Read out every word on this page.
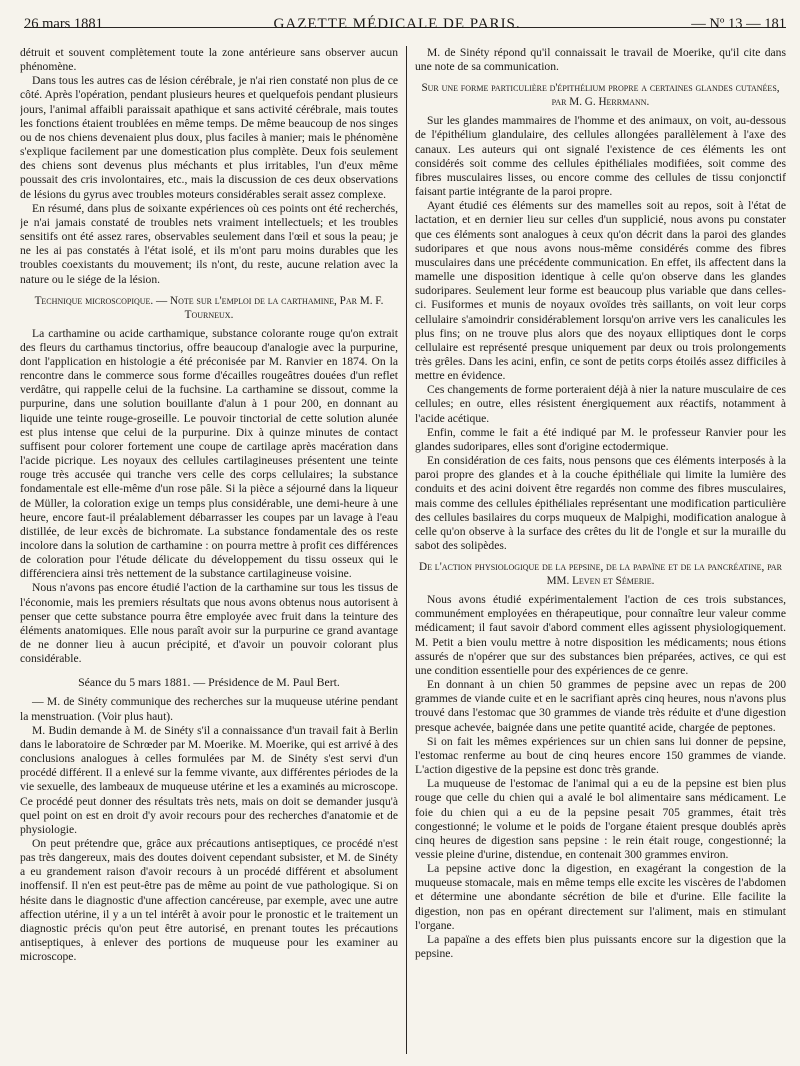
26 mars 1881	GAZETTE MÉDICALE DE PARIS.	— Nº 13 — 181

détruit et souvent complètement toute la zone antérieure sans observer aucun phénomène.

Dans tous les autres cas de lésion cérébrale, je n'ai rien constaté non plus de ce côté. Après l'opération, pendant plusieurs heures et quelquefois pendant plusieurs jours, l'animal affaibli paraissait apathique et sans activité cérébrale, mais toutes les fonctions étaient troublées en même temps. De même beaucoup de nos singes ou de nos chiens devenaient plus doux, plus faciles à manier; mais le phénomène s'explique facilement par une domestication plus complète. Deux fois seulement des chiens sont devenus plus méchants et plus irritables, l'un d'eux même poussait des cris involontaires, etc., mais la discussion de ces deux observations de lésions du gyrus avec troubles moteurs considérables serait assez complexe.

En résumé, dans plus de soixante expériences où ces points ont été recherchés, je n'ai jamais constaté de troubles nets vraiment intellectuels; et les troubles sensitifs ont été assez rares, observables seulement dans l'œil et sous la peau; je ne les ai pas constatés à l'état isolé, et ils m'ont paru moins durables que les troubles coexistants du mouvement; ils n'ont, du reste, aucune relation avec la nature ou le siége de la lésion.

Technique microscopique. — Note sur l'emploi de la carthamine, Par M. F. Tourneux.

La carthamine ou acide carthamique, substance colorante rouge qu'on extrait des fleurs du carthamus tinctorius, offre beaucoup d'analogie avec la purpurine, dont l'application en histologie a été préconisée par M. Ranvier en 1874. On la rencontre dans le commerce sous forme d'écailles rougeâtres douées d'un reflet verdâtre, qui rappelle celui de la fuchsine. La carthamine se dissout, comme la purpurine, dans une solution bouillante d'alun à 1 pour 200, en donnant au liquide une teinte rouge-groseille. Le pouvoir tinctorial de cette solution alunée est plus intense que celui de la purpurine. Dix à quinze minutes de contact suffisent pour colorer fortement une coupe de cartilage après macération dans l'acide picrique. Les noyaux des cellules cartilagineuses présentent une teinte rouge très accusée qui tranche vers celle des corps cellulaires; la substance fondamentale est elle-même d'un rose pâle. Si la pièce a séjourné dans la liqueur de Müller, la coloration exige un temps plus considérable, une demi-heure à une heure, encore faut-il préalablement débarrasser les coupes par un lavage à l'eau distillée, de leur excès de bichromate. La substance fondamentale des os reste incolore dans la solution de carthamine : on pourra mettre à profit ces différences de coloration pour l'étude délicate du développement du tissu osseux qui le différenciera ainsi très nettement de la substance cartilagineuse voisine.

Nous n'avons pas encore étudié l'action de la carthamine sur tous les tissus de l'économie, mais les premiers résultats que nous avons obtenus nous autorisent à penser que cette substance pourra être employée avec fruit dans la teinture des éléments anatomiques. Elle nous paraît avoir sur la purpurine ce grand avantage de ne donner lieu à aucun précipité, et d'avoir un pouvoir colorant plus considérable.

Séance du 5 mars 1881. — Présidence de M. Paul Bert.

— M. de Sinéty communique des recherches sur la muqueuse utérine pendant la menstruation. (Voir plus haut).

M. Budin demande à M. de Sinéty s'il a connaissance d'un travail fait à Berlin dans le laboratoire de Schrœder par M. Moerike. M. Moerike, qui est arrivé à des conclusions analogues à celles formulées par M. de Sinéty s'est servi d'un procédé différent. Il a enlevé sur la femme vivante, aux différentes périodes de la vie sexuelle, des lambeaux de muqueuse utérine et les a examinés au microscope. Ce procédé peut donner des résultats très nets, mais on doit se demander jusqu'à quel point on est en droit d'y avoir recours pour des recherches d'anatomie et de physiologie.

On peut prétendre que, grâce aux précautions antiseptiques, ce procédé n'est pas très dangereux, mais des doutes doivent cependant subsister, et M. de Sinéty a eu grandement raison d'avoir recours à un procédé différent et absolument inoffensif. Il n'en est peut-être pas de même au point de vue pathologique. Si on hésite dans le diagnostic d'une affection cancéreuse, par exemple, avec une autre affection utérine, il y a un tel intérêt à avoir pour le pronostic et le traitement un diagnostic précis qu'on peut être autorisé, en prenant toutes les précautions antiseptiques, à enlever des portions de muqueuse pour les examiner au microscope.

M. de Sinéty répond qu'il connaissait le travail de Moerike, qu'il cite dans une note de sa communication.

Sur une forme particulière d'épithélium propre a certaines glandes cutanées, par M. G. Herrmann.

Sur les glandes mammaires de l'homme et des animaux, on voit, au-dessous de l'épithélium glandulaire, des cellules allongées parallèlement à l'axe des canaux. Les auteurs qui ont signalé l'existence de ces éléments les ont considérés soit comme des cellules épithéliales modifiées, soit comme des fibres musculaires lisses, ou encore comme des cellules de tissu conjonctif faisant partie intégrante de la paroi propre.

Ayant étudié ces éléments sur des mamelles soit au repos, soit à l'état de lactation, et en dernier lieu sur celles d'un supplicié, nous avons pu constater que ces éléments sont analogues à ceux qu'on décrit dans la paroi des glandes sudoripares et que nous avons nous-même considérés comme des fibres musculaires dans une précédente communication. En effet, ils affectent dans la mamelle une disposition identique à celle qu'on observe dans les glandes sudoripares. Seulement leur forme est beaucoup plus variable que dans celles-ci. Fusiformes et munis de noyaux ovoïdes très saillants, on voit leur corps cellulaire s'amoindrir considérablement lorsqu'on arrive vers les canalicules les plus fins; on ne trouve plus alors que des noyaux elliptiques dont le corps cellulaire est représenté presque uniquement par deux ou trois prolongements très grêles. Dans les acini, enfin, ce sont de petits corps étoilés assez difficiles à mettre en évidence.

Ces changements de forme porteraient déjà à nier la nature musculaire de ces cellules; en outre, elles résistent énergiquement aux réactifs, notamment à l'acide acétique.

Enfin, comme le fait a été indiqué par M. le professeur Ranvier pour les glandes sudoripares, elles sont d'origine ectodermique.

En considération de ces faits, nous pensons que ces éléments interposés à la paroi propre des glandes et à la couche épithéliale qui limite la lumière des conduits et des acini doivent être regardés non comme des fibres musculaires, mais comme des cellules épithéliales représentant une modification particulière des cellules basilaires du corps muqueux de Malpighi, modification analogue à celle qu'on observe à la surface des crêtes du lit de l'ongle et sur la muraille du sabot des solipèdes.

De l'action physiologique de la pepsine, de la papaïne et de la pancréatine, par MM. Leven et Sémerie.

Nous avons étudié expérimentalement l'action de ces trois substances, communément employées en thérapeutique, pour connaître leur valeur comme médicament; il faut savoir d'abord comment elles agissent physiologiquement. M. Petit a bien voulu mettre à notre disposition les médicaments; nous étions assurés de n'opérer que sur des substances bien préparées, actives, ce qui est une condition essentielle pour des expériences de ce genre.

En donnant à un chien 50 grammes de pepsine avec un repas de 200 grammes de viande cuite et en le sacrifiant après cinq heures, nous n'avons plus trouvé dans l'estomac que 30 grammes de viande très réduite et d'une digestion presque achevée, baignée dans une petite quantité acide, chargée de peptones.

Si on fait les mêmes expériences sur un chien sans lui donner de pepsine, l'estomac renferme au bout de cinq heures encore 150 grammes de viande. L'action digestive de la pepsine est donc très grande.

La muqueuse de l'estomac de l'animal qui a eu de la pepsine est bien plus rouge que celle du chien qui a avalé le bol alimentaire sans médicament. Le foie du chien qui a eu de la pepsine pesait 705 grammes, était très congestionné; le volume et le poids de l'organe étaient presque doublés après cinq heures de digestion sans pepsine : le rein était rouge, congestionné; la vessie pleine d'urine, distendue, en contenait 300 grammes environ.

La pepsine active donc la digestion, en exagérant la congestion de la muqueuse stomacale, mais en même temps elle excite les viscères de l'abdomen et détermine une abondante sécrétion de bile et d'urine. Elle facilite la digestion, non pas en opérant directement sur l'aliment, mais en stimulant l'organe.

La papaïne a des effets bien plus puissants encore sur la digestion que la pepsine.
